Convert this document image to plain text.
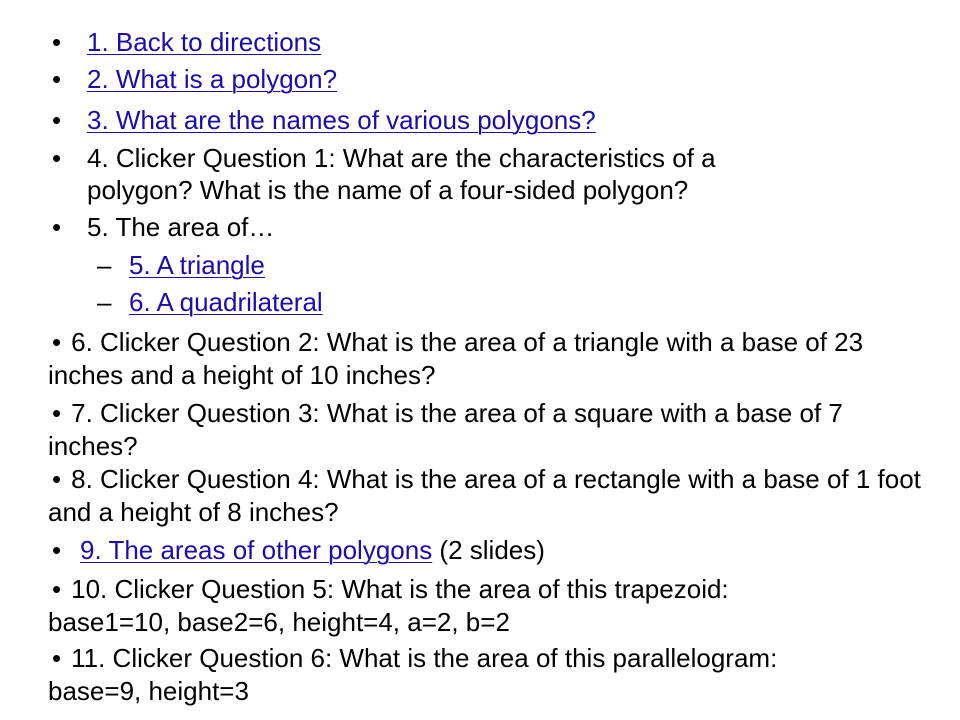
• 1. Back to directions
• 2. What is a polygon?
• 3. What are the names of various polygons?
• 4. Clicker Question 1: What are the characteristics of a
polygon? What is the name of a four-sided polygon?
• 5. The area of…
– 5. A triangle
– 6. A quadrilateral
• 6. Clicker Question 2: What is the area of a triangle with a base of 23 inches and a height of 10 inches?
• 7. Clicker Question 3: What is the area of a square with a base of 7 inches?
• 8. Clicker Question 4: What is the area of a rectangle with a base of 1 foot and a height of 8 inches?
• 9. The areas of other polygons (2 slides)
• 10. Clicker Question 5: What is the area of this trapezoid:
base1=10, base2=6, height=4, a=2, b=2
• 11. Clicker Question 6: What is the area of this parallelogram:
base=9, height=3
